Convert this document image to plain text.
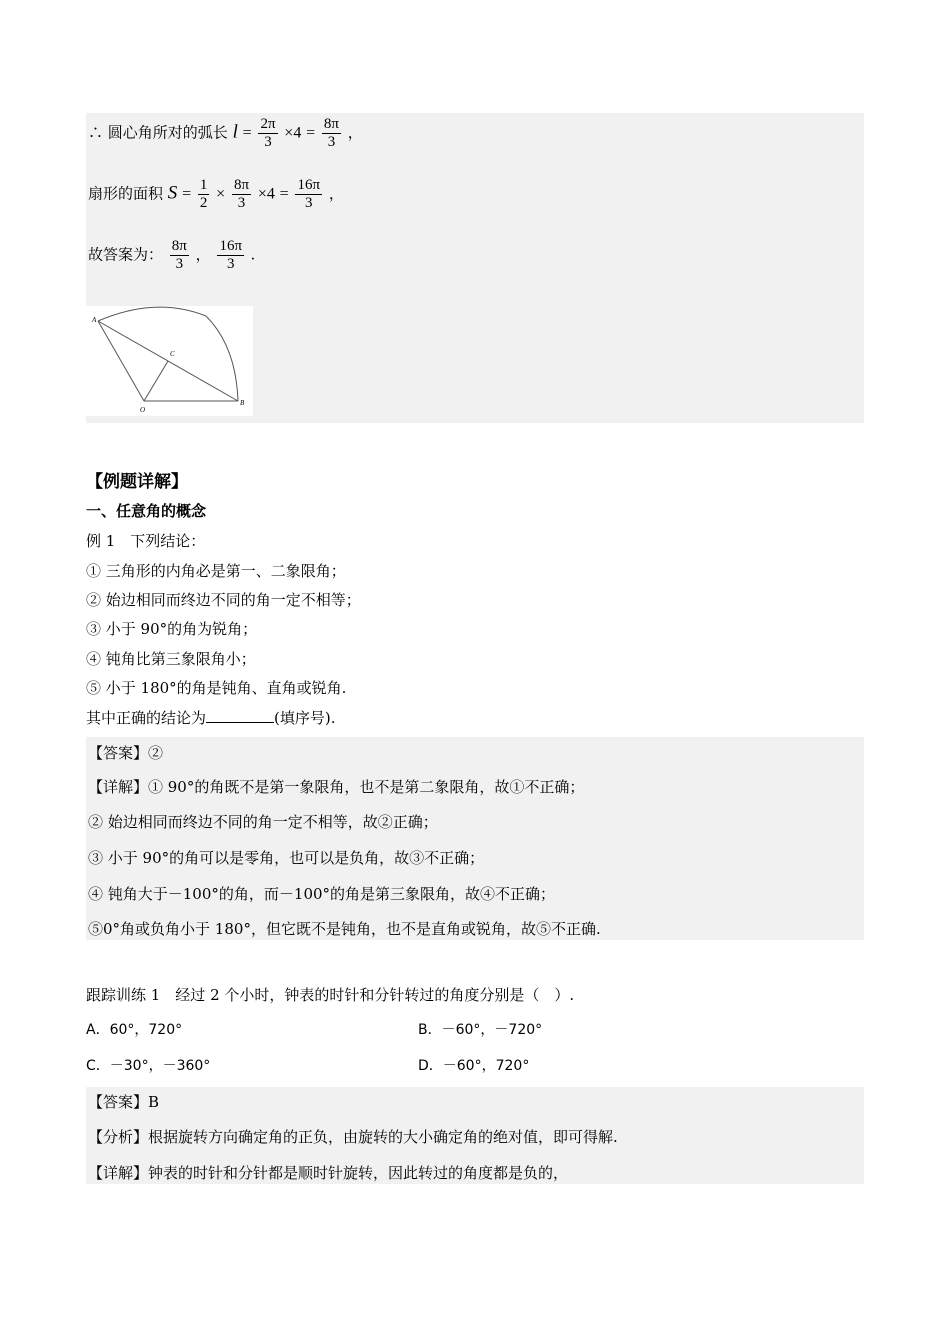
∴ 圆心角所对的弧长 $l = \frac{2\pi}{3} \times 4 = \frac{8\pi}{3}$ ，
扇形的面积 $S = \frac{1}{2} \times \frac{8\pi}{3} \times 4 = \frac{16\pi}{3}$ ，
故答案为： $\frac{8\pi}{3}$ ， $\frac{16\pi}{3}$ .
A
C
O
B
【例题详解】
一、任意角的概念
例 1　下列结论：
① 三角形的内角必是第一、二象限角；
② 始边相同而终边不同的角一定不相等；
③ 小于 90°的角为锐角；
④ 钝角比第三象限角小；
⑤ 小于 180°的角是钝角、直角或锐角.
其中正确的结论为	(填序号).
【答案】②
【详解】① 90°的角既不是第一象限角，也不是第二象限角，故①不正确；
② 始边相同而终边不同的角一定不相等，故②正确；
③ 小于 90°的角可以是零角，也可以是负角，故③不正确；
④ 钝角大于－100°的角，而－100°的角是第三象限角，故④不正确；
⑤0°角或负角小于 180°，但它既不是钝角，也不是直角或锐角，故⑤不正确.
跟踪训练 1　经过 2 个小时，钟表的时针和分针转过的角度分别是（　）.
A．60°，720°	B．－60°，－720°
C．－30°，－360°	D．－60°，720°
【答案】B
【分析】根据旋转方向确定角的正负，由旋转的大小确定角的绝对值，即可得解.
【详解】钟表的时针和分针都是顺时针旋转，因此转过的角度都是负的，
